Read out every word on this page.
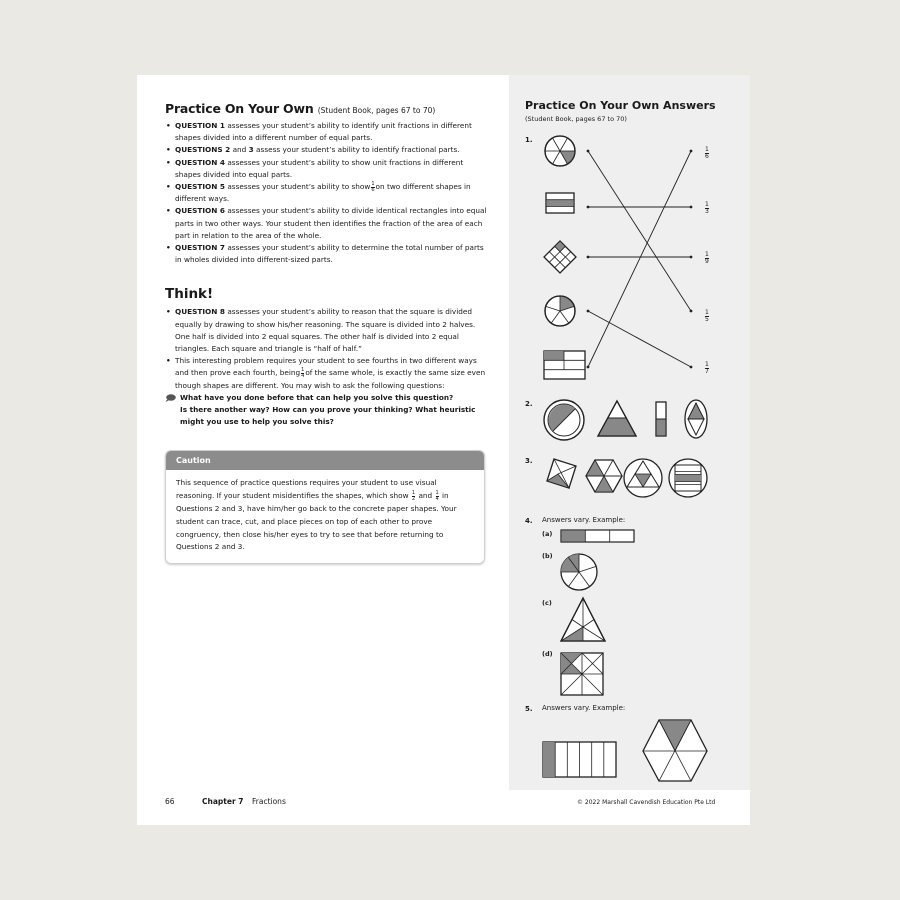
Practice On Your Own (Student Book, pages 67 to 70)
• QUESTION 1 assesses your student’s ability to identify unit fractions in different shapes divided into a different number of equal parts.
• QUESTIONS 2 and 3 assess your student’s ability to identify fractional parts.
• QUESTION 4 assesses your student’s ability to show unit fractions in different shapes divided into equal parts.
• QUESTION 5 assesses your student’s ability to show $\frac{1}{6}$ on two different shapes in different ways.
• QUESTION 6 assesses your student’s ability to divide identical rectangles into equal parts in two other ways. Your student then identifies the fraction of the area of each part in relation to the area of the whole.
• QUESTION 7 assesses your student’s ability to determine the total number of parts in wholes divided into different-sized parts.
Think!
• QUESTION 8 assesses your student’s ability to reason that the square is divided equally by drawing to show his/her reasoning. The square is divided into 2 halves. One half is divided into 2 equal squares. The other half is divided into 2 equal triangles. Each square and triangle is “half of half.”
• This interesting problem requires your student to see fourths in two different ways and then prove each fourth, being $\frac{1}{4}$ of the same whole, is exactly the same size even though shapes are different. You may wish to ask the following questions:
What have you done before that can help you solve this question?
Is there another way? How can you prove your thinking? What heuristic might you use to help you solve this?
Caution
This sequence of practice questions requires your student to use visual reasoning. If your student misidentifies the shapes, which show $\frac{1}{2}$ and $\frac{1}{4}$ in Questions 2 and 3, have him/her go back to the concrete paper shapes. Your student can trace, cut, and place pieces on top of each other to prove congruency, then close his/her eyes to try to see that before returning to Questions 2 and 3.
Practice On Your Own Answers
(Student Book, pages 67 to 70)
1.
$\frac{1}{6}$
$\frac{1}{3}$
$\frac{1}{9}$
$\frac{1}{5}$
$\frac{1}{7}$
2.
3.
4. Answers vary. Example:
(a)
(b)
(c)
(d)
5. Answers vary. Example:
66	Chapter 7 Fractions	© 2022 Marshall Cavendish Education Pte Ltd
